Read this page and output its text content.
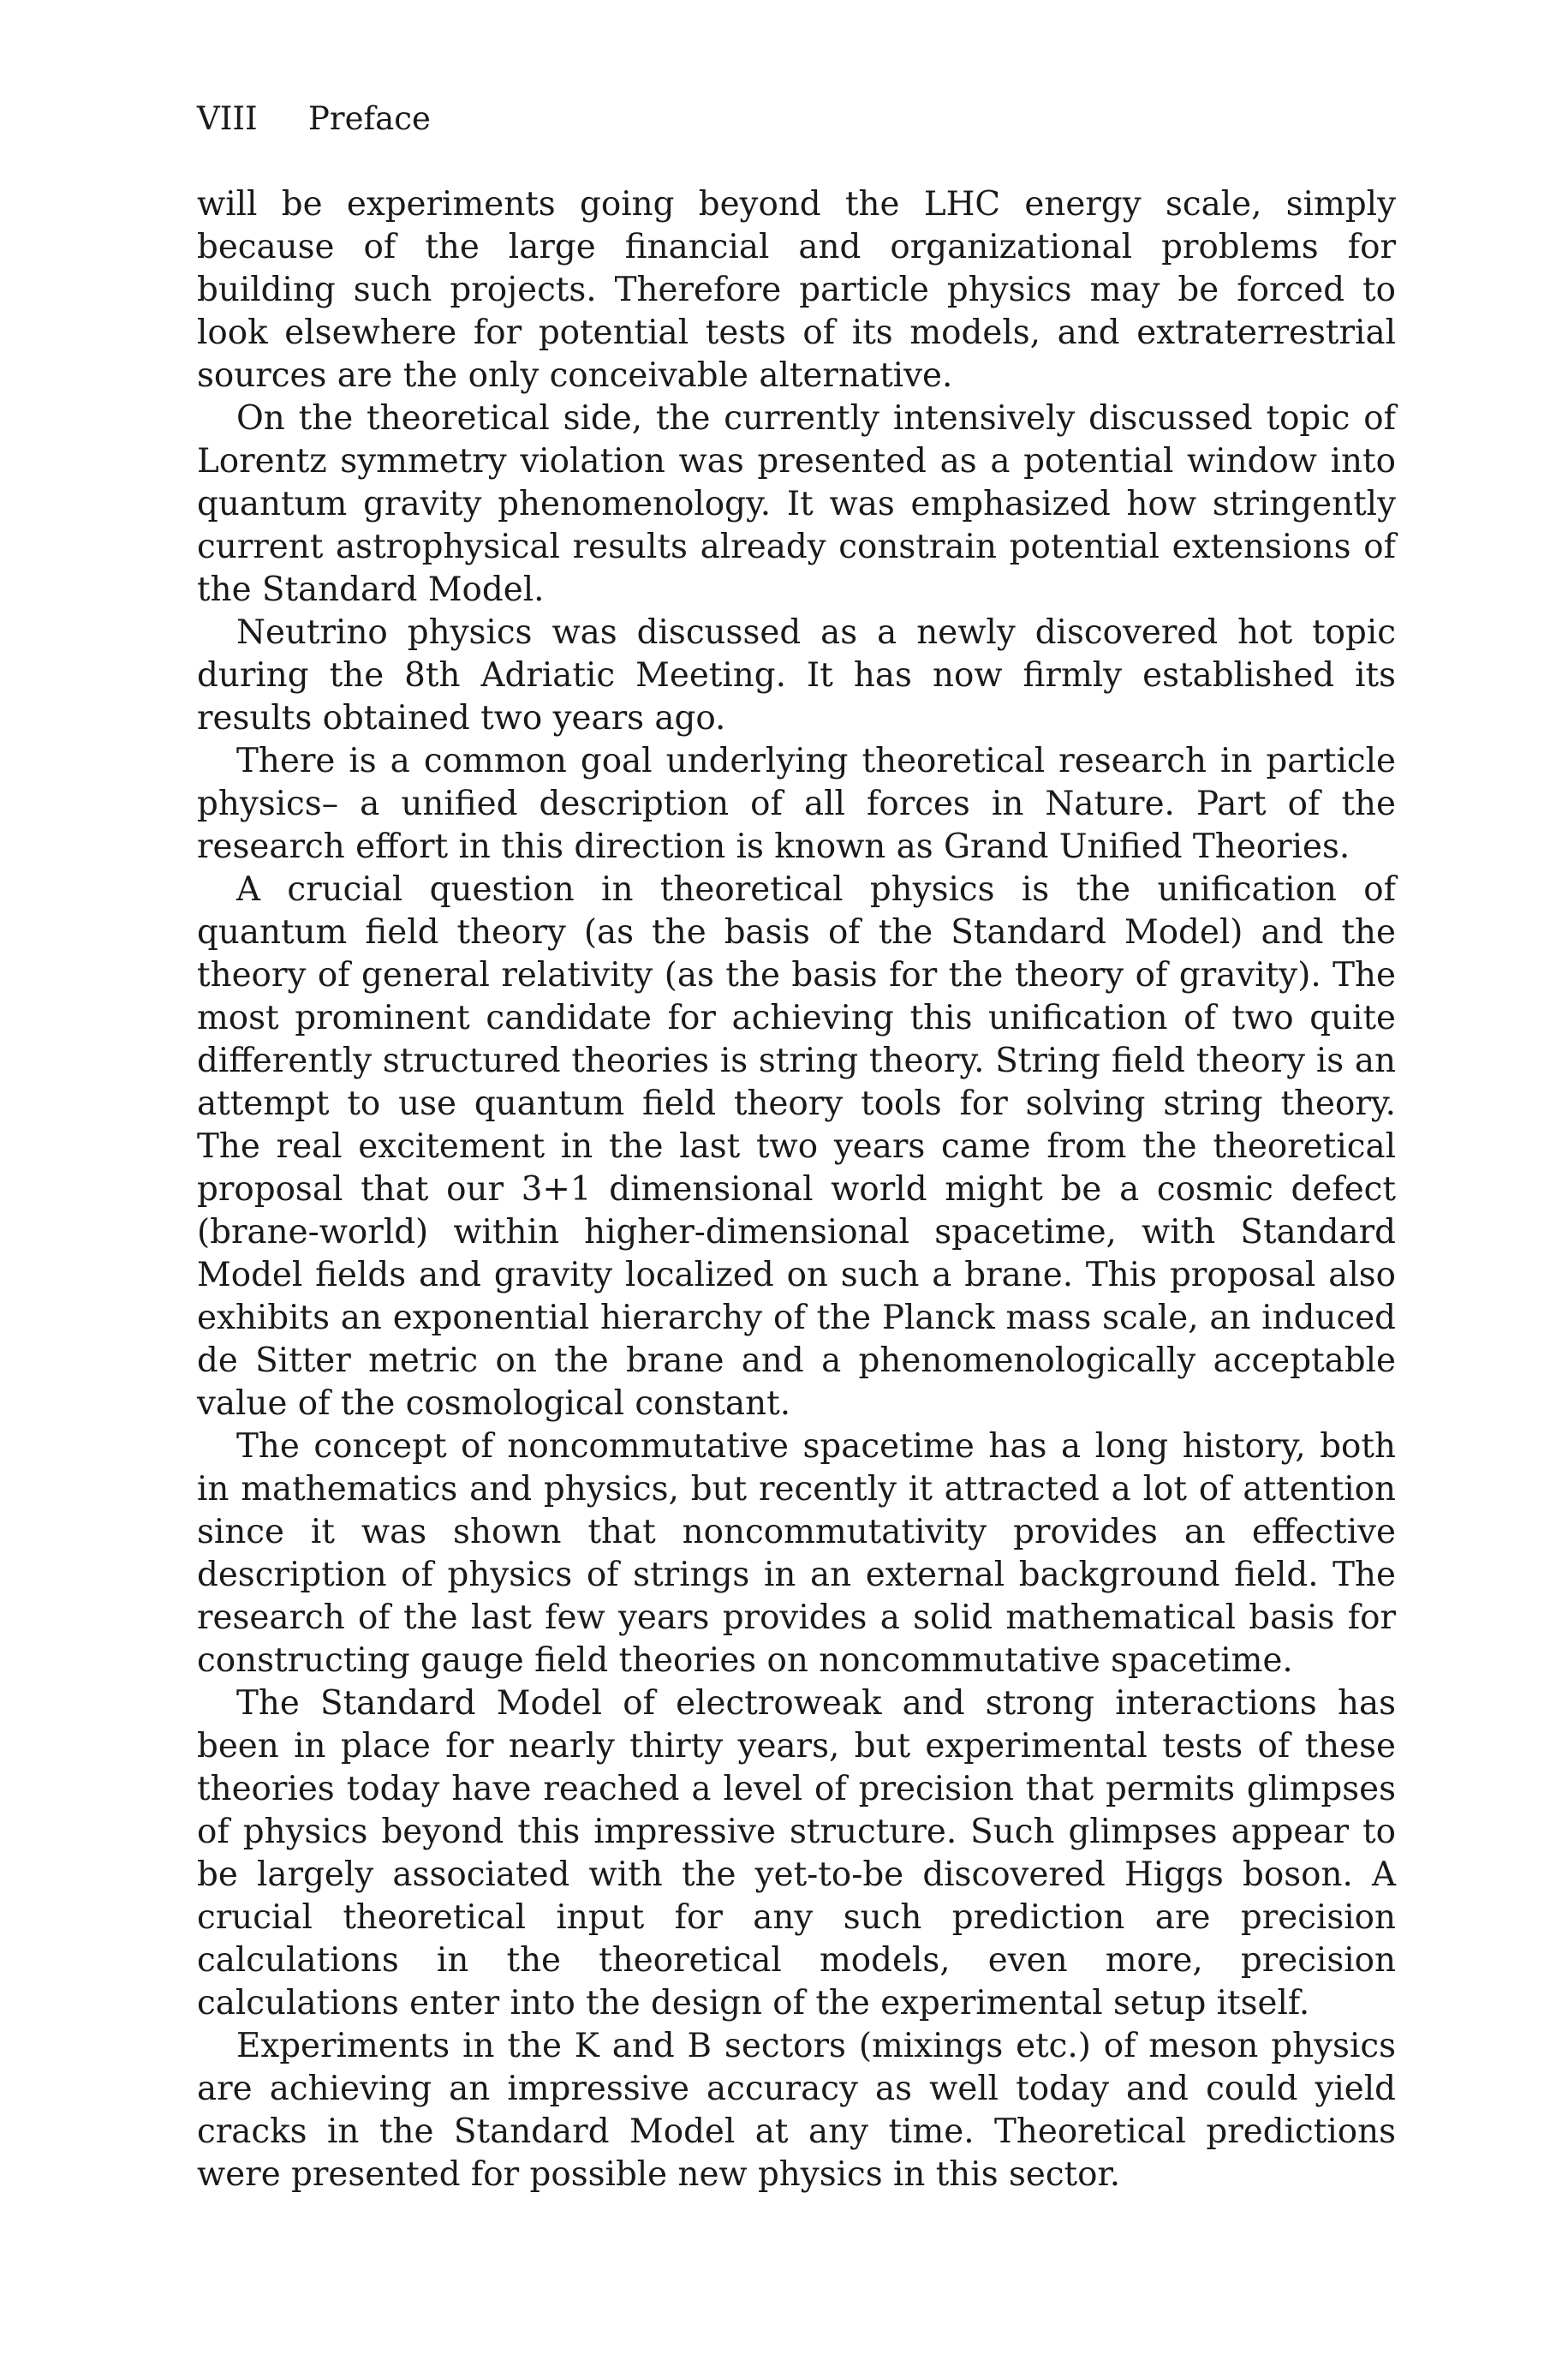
VIII	Preface

will be experiments going beyond the LHC energy scale, simply because of the large financial and organizational problems for building such projects. Therefore particle physics may be forced to look elsewhere for potential tests of its models, and extraterrestrial sources are the only conceivable alternative.

On the theoretical side, the currently intensively discussed topic of Lorentz symmetry violation was presented as a potential window into quantum gravity phenomenology. It was emphasized how stringently current astrophysical results already constrain potential extensions of the Standard Model.

Neutrino physics was discussed as a newly discovered hot topic during the 8th Adriatic Meeting. It has now firmly established its results obtained two years ago.

There is a common goal underlying theoretical research in particle physics– a unified description of all forces in Nature. Part of the research effort in this direction is known as Grand Unified Theories.

A crucial question in theoretical physics is the unification of quantum field theory (as the basis of the Standard Model) and the theory of general relativity (as the basis for the theory of gravity). The most prominent candidate for achieving this unification of two quite differently structured theories is string theory. String field theory is an attempt to use quantum field theory tools for solving string theory. The real excitement in the last two years came from the theoretical proposal that our 3+1 dimensional world might be a cosmic defect (brane-world) within higher-dimensional spacetime, with Standard Model fields and gravity localized on such a brane. This proposal also exhibits an exponential hierarchy of the Planck mass scale, an induced de Sitter metric on the brane and a phenomenologically acceptable value of the cosmological constant.

The concept of noncommutative spacetime has a long history, both in mathematics and physics, but recently it attracted a lot of attention since it was shown that noncommutativity provides an effective description of physics of strings in an external background field. The research of the last few years provides a solid mathematical basis for constructing gauge field theories on noncommutative spacetime.

The Standard Model of electroweak and strong interactions has been in place for nearly thirty years, but experimental tests of these theories today have reached a level of precision that permits glimpses of physics beyond this impressive structure. Such glimpses appear to be largely associated with the yet-to-be discovered Higgs boson. A crucial theoretical input for any such prediction are precision calculations in the theoretical models, even more, precision calculations enter into the design of the experimental setup itself.

Experiments in the K and B sectors (mixings etc.) of meson physics are achieving an impressive accuracy as well today and could yield cracks in the Standard Model at any time. Theoretical predictions were presented for possible new physics in this sector.
